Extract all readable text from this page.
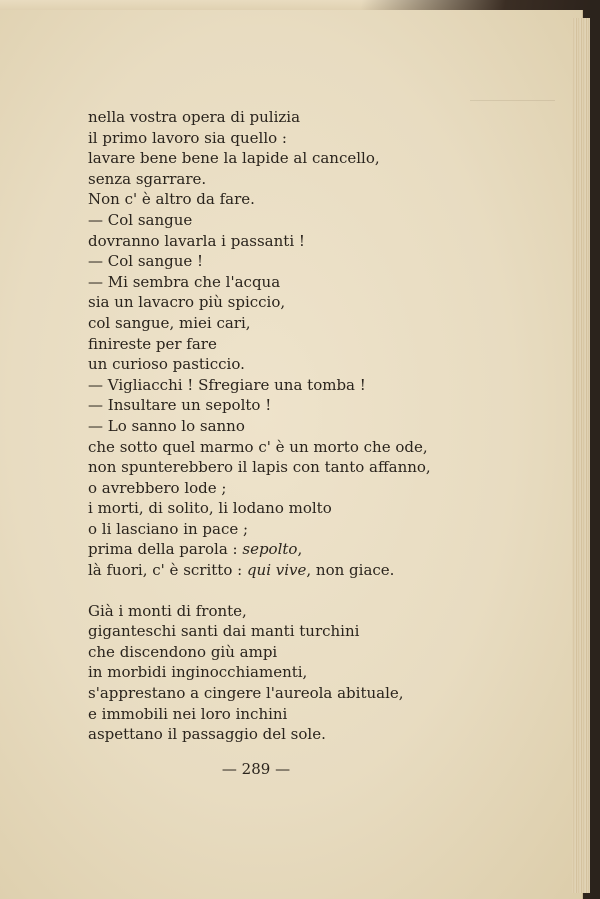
nella vostra opera di pulizia
il primo lavoro sia quello :
lavare bene bene la lapide al cancello,
senza sgarrare.
Non c' è altro da fare.
— Col sangue
dovranno lavarla i passanti !
— Col sangue !
— Mi sembra che l'acqua
sia un lavacro più spiccio,
col sangue, miei cari,
finireste per fare
un curioso pasticcio.
— Vigliacchi ! Sfregiare una tomba !
— Insultare un sepolto !
— Lo sanno lo sanno
che sotto quel marmo c' è un morto che ode,
non spunterebbero il lapis con tanto affanno,
o avrebbero lode ;
i morti, di solito, li lodano molto
o li lasciano in pace ;
prima della parola : sepolto,
là fuori, c' è scritto : qui vive, non giace.
Già i monti di fronte,
giganteschi santi dai manti turchini
che discendono giù ampi
in morbidi inginocchiamenti,
s'apprestano a cingere l'aureola abituale,
e immobili nei loro inchini
aspettano il passaggio del sole.
— 289 —
